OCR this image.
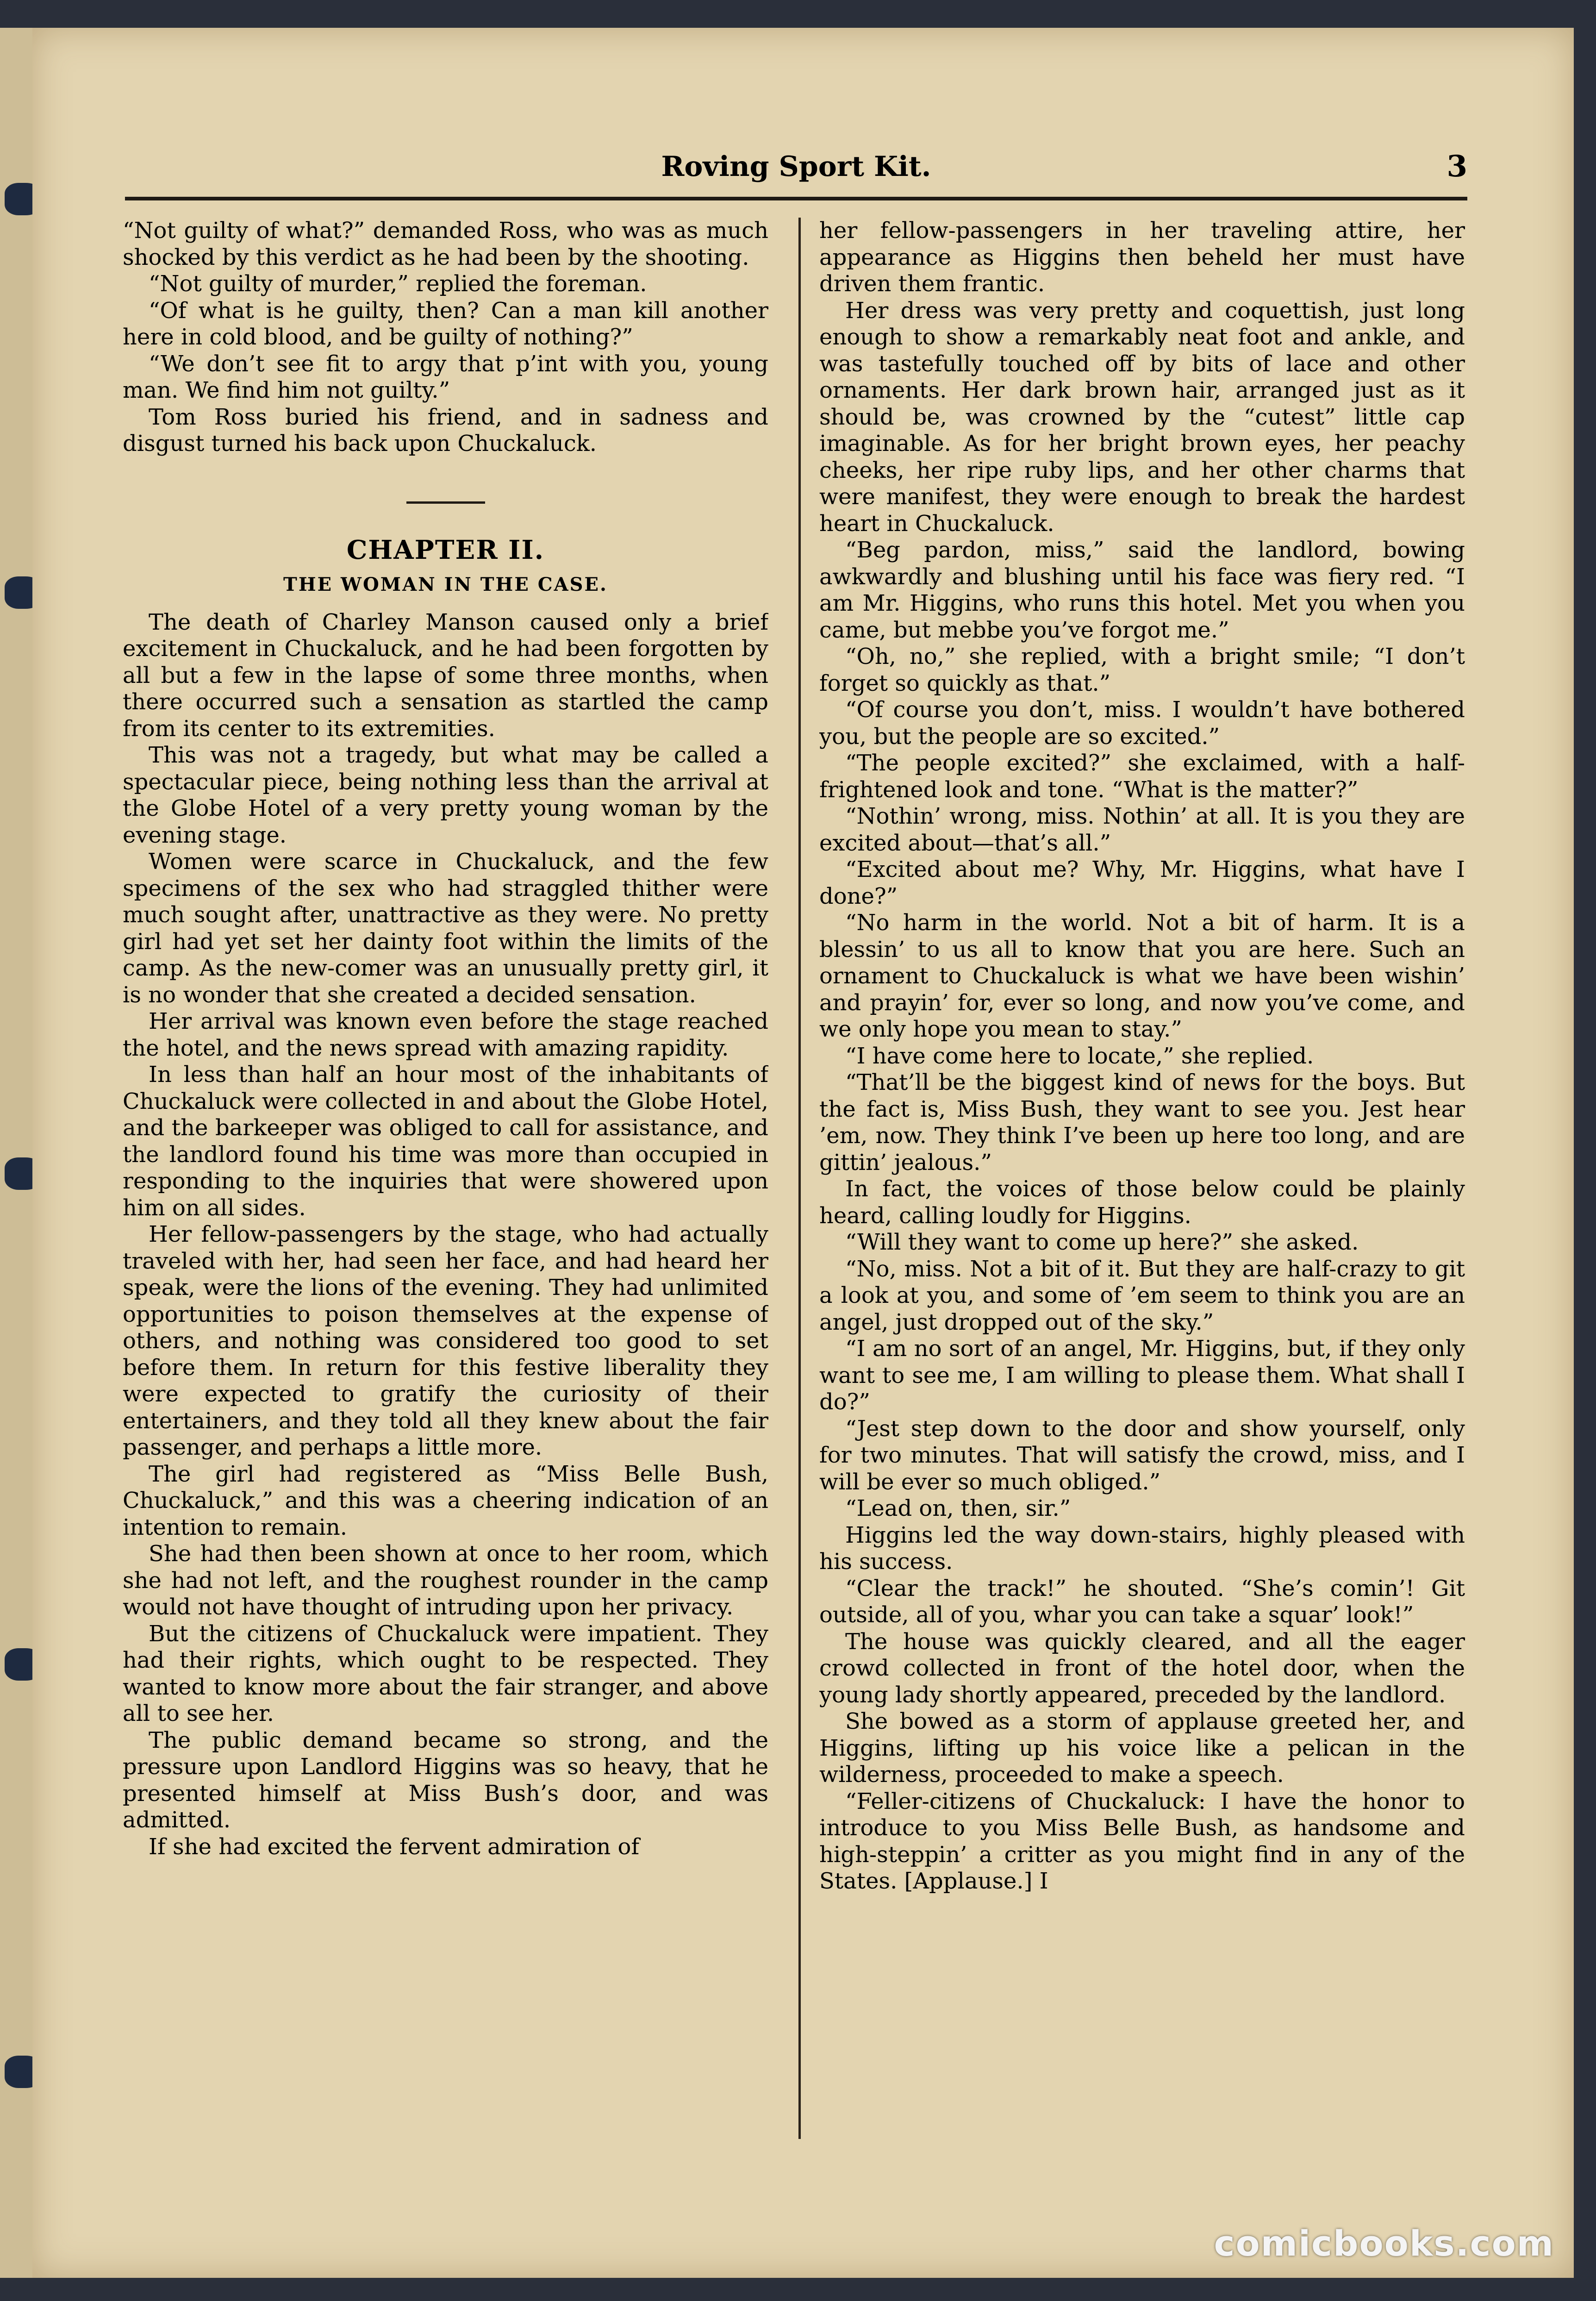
Roving Sport Kit.	3

“Not guilty of what?” demanded Ross, who was as much shocked by this verdict as he had been by the shooting.

“Not guilty of murder,” replied the foreman.

“Of what is he guilty, then? Can a man kill another here in cold blood, and be guilty of nothing?”

“We don’t see fit to argy that p’int with you, young man. We find him not guilty.”

Tom Ross buried his friend, and in sadness and disgust turned his back upon Chuckaluck.

CHAPTER II.
THE WOMAN IN THE CASE.

The death of Charley Manson caused only a brief excitement in Chuckaluck, and he had been forgotten by all but a few in the lapse of some three months, when there occurred such a sensation as startled the camp from its center to its extremities.

This was not a tragedy, but what may be called a spectacular piece, being nothing less than the arrival at the Globe Hotel of a very pretty young woman by the evening stage.

Women were scarce in Chuckaluck, and the few specimens of the sex who had straggled thither were much sought after, unattractive as they were. No pretty girl had yet set her dainty foot within the limits of the camp. As the new-comer was an unusually pretty girl, it is no wonder that she created a decided sensation.

Her arrival was known even before the stage reached the hotel, and the news spread with amazing rapidity.

In less than half an hour most of the inhabitants of Chuckaluck were collected in and about the Globe Hotel, and the barkeeper was obliged to call for assistance, and the landlord found his time was more than occupied in responding to the inquiries that were showered upon him on all sides.

Her fellow-passengers by the stage, who had actually traveled with her, had seen her face, and had heard her speak, were the lions of the evening. They had unlimited opportunities to poison themselves at the expense of others, and nothing was considered too good to set before them. In return for this festive liberality they were expected to gratify the curiosity of their entertainers, and they told all they knew about the fair passenger, and perhaps a little more.

The girl had registered as “Miss Belle Bush, Chuckaluck,” and this was a cheering indication of an intention to remain.

She had then been shown at once to her room, which she had not left, and the roughest rounder in the camp would not have thought of intruding upon her privacy.

But the citizens of Chuckaluck were impatient. They had their rights, which ought to be respected. They wanted to know more about the fair stranger, and above all to see her.

The public demand became so strong, and the pressure upon Landlord Higgins was so heavy, that he presented himself at Miss Bush’s door, and was admitted.

If she had excited the fervent admiration of

her fellow-passengers in her traveling attire, her appearance as Higgins then beheld her must have driven them frantic.

Her dress was very pretty and coquettish, just long enough to show a remarkably neat foot and ankle, and was tastefully touched off by bits of lace and other ornaments. Her dark brown hair, arranged just as it should be, was crowned by the “cutest” little cap imaginable. As for her bright brown eyes, her peachy cheeks, her ripe ruby lips, and her other charms that were manifest, they were enough to break the hardest heart in Chuckaluck.

“Beg pardon, miss,” said the landlord, bowing awkwardly and blushing until his face was fiery red. “I am Mr. Higgins, who runs this hotel. Met you when you came, but mebbe you’ve forgot me.”

“Oh, no,” she replied, with a bright smile; “I don’t forget so quickly as that.”

“Of course you don’t, miss. I wouldn’t have bothered you, but the people are so excited.”

“The people excited?” she exclaimed, with a half-frightened look and tone. “What is the matter?”

“Nothin’ wrong, miss. Nothin’ at all. It is you they are excited about—that’s all.”

“Excited about me? Why, Mr. Higgins, what have I done?”

“No harm in the world. Not a bit of harm. It is a blessin’ to us all to know that you are here. Such an ornament to Chuckaluck is what we have been wishin’ and prayin’ for, ever so long, and now you’ve come, and we only hope you mean to stay.”

“I have come here to locate,” she replied.

“That’ll be the biggest kind of news for the boys. But the fact is, Miss Bush, they want to see you. Jest hear ’em, now. They think I’ve been up here too long, and are gittin’ jealous.”

In fact, the voices of those below could be plainly heard, calling loudly for Higgins.

“Will they want to come up here?” she asked.

“No, miss. Not a bit of it. But they are half-crazy to git a look at you, and some of ’em seem to think you are an angel, just dropped out of the sky.”

“I am no sort of an angel, Mr. Higgins, but, if they only want to see me, I am willing to please them. What shall I do?”

“Jest step down to the door and show yourself, only for two minutes. That will satisfy the crowd, miss, and I will be ever so much obliged.”

“Lead on, then, sir.”

Higgins led the way down-stairs, highly pleased with his success.

“Clear the track!” he shouted. “She’s comin’! Git outside, all of you, whar you can take a squar’ look!”

The house was quickly cleared, and all the eager crowd collected in front of the hotel door, when the young lady shortly appeared, preceded by the landlord.

She bowed as a storm of applause greeted her, and Higgins, lifting up his voice like a pelican in the wilderness, proceeded to make a speech.

“Feller-citizens of Chuckaluck: I have the honor to introduce to you Miss Belle Bush, as handsome and high-steppin’ a critter as you might find in any of the States. [Applause.] I

comicbooks.com
